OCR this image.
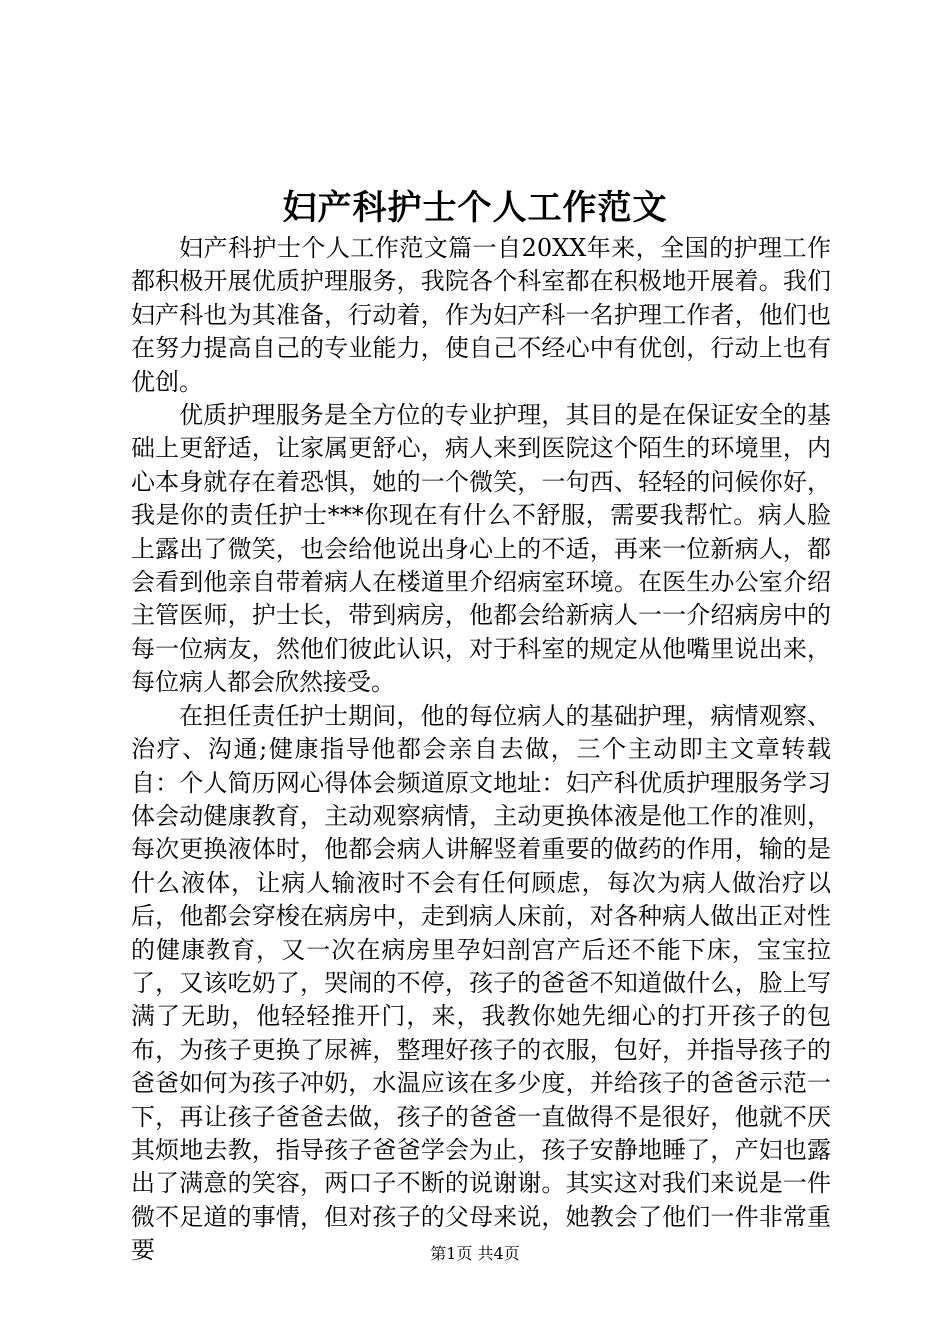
妇产科护士个人工作范文

妇产科护士个人工作范文篇一自20XX年来，全国的护理工作都积极开展优质护理服务，我院各个科室都在积极地开展着。我们妇产科也为其准备，行动着，作为妇产科一名护理工作者，他们也在努力提高自己的专业能力，使自己不经心中有优创，行动上也有优创。

优质护理服务是全方位的专业护理，其目的是在保证安全的基础上更舒适，让家属更舒心，病人来到医院这个陌生的环境里，内心本身就存在着恐惧，她的一个微笑，一句西、轻轻的问候你好，我是你的责任护士***你现在有什么不舒服，需要我帮忙。病人脸上露出了微笑，也会给他说出身心上的不适，再来一位新病人，都会看到他亲自带着病人在楼道里介绍病室环境。在医生办公室介绍主管医师，护士长，带到病房，他都会给新病人一一介绍病房中的每一位病友，然他们彼此认识，对于科室的规定从他嘴里说出来，每位病人都会欣然接受。

在担任责任护士期间，他的每位病人的基础护理，病情观察、治疗、沟通;健康指导他都会亲自去做，三个主动即主文章转载自：个人简历网心得体会频道原文地址：妇产科优质护理服务学习体会动健康教育，主动观察病情，主动更换体液是他工作的准则，每次更换液体时，他都会病人讲解竖着重要的做药的作用，输的是什么液体，让病人输液时不会有任何顾虑，每次为病人做治疗以后，他都会穿梭在病房中，走到病人床前，对各种病人做出正对性的健康教育，又一次在病房里孕妇剖宫产后还不能下床，宝宝拉了，又该吃奶了，哭闹的不停，孩子的爸爸不知道做什么，脸上写满了无助，他轻轻推开门，来，我教你她先细心的打开孩子的包布，为孩子更换了尿裤，整理好孩子的衣服，包好，并指导孩子的爸爸如何为孩子冲奶，水温应该在多少度，并给孩子的爸爸示范一下，再让孩子爸爸去做，孩子的爸爸一直做得不是很好，他就不厌其烦地去教，指导孩子爸爸学会为止，孩子安静地睡了，产妇也露出了满意的笑容，两口子不断的说谢谢。其实这对我们来说是一件微不足道的事情，但对孩子的父母来说，她教会了他们一件非常重要	第1页 共4页
